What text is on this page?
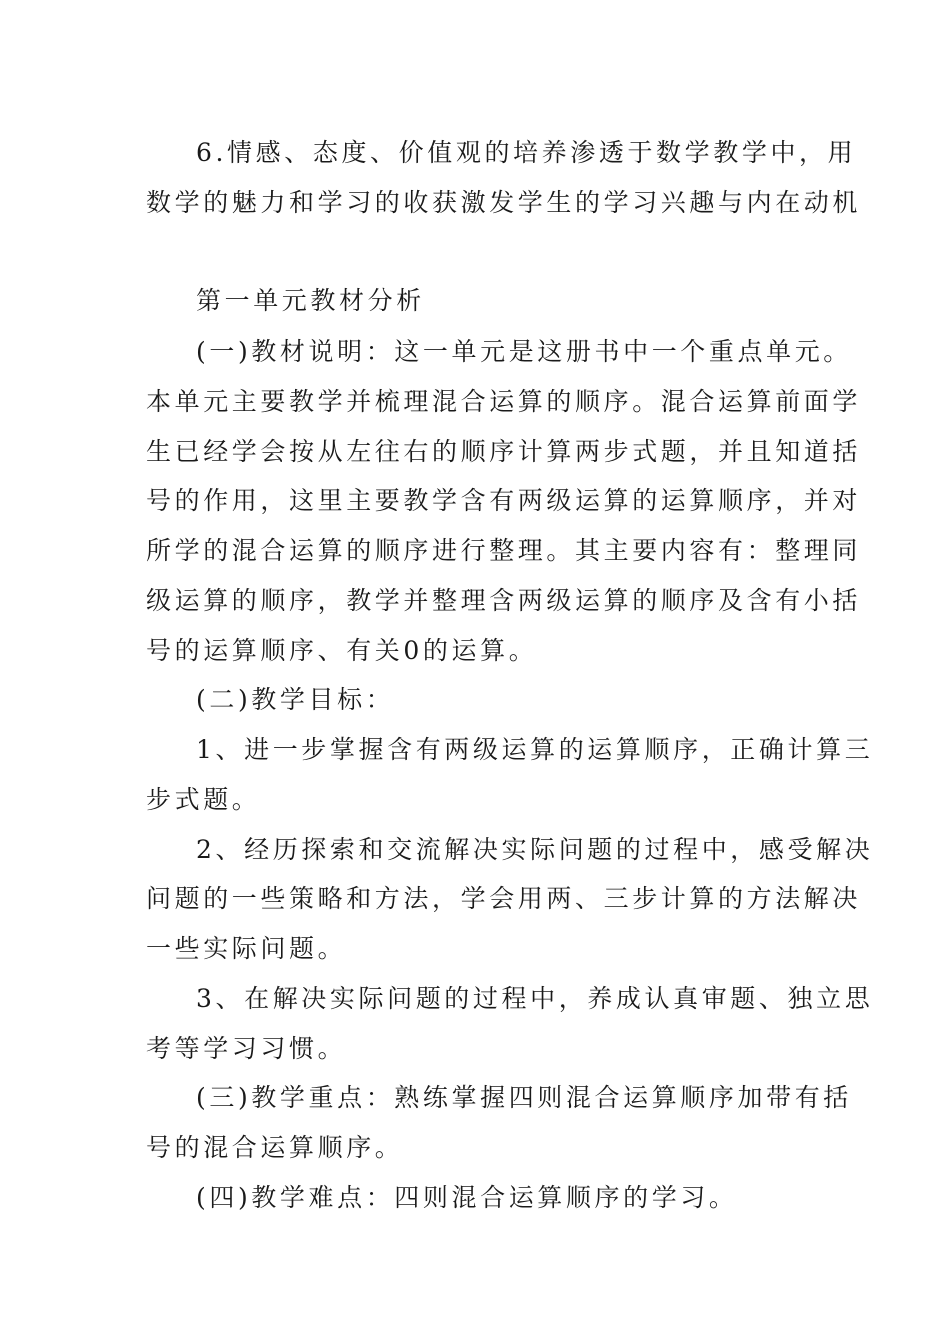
6.情感、态度、价值观的培养渗透于数学教学中，用
数学的魅力和学习的收获激发学生的学习兴趣与内在动机
第一单元教材分析
(一)教材说明：这一单元是这册书中一个重点单元。
本单元主要教学并梳理混合运算的顺序。混合运算前面学
生已经学会按从左往右的顺序计算两步式题，并且知道括
号的作用，这里主要教学含有两级运算的运算顺序，并对
所学的混合运算的顺序进行整理。其主要内容有：整理同
级运算的顺序，教学并整理含两级运算的顺序及含有小括
号的运算顺序、有关0的运算。
(二)教学目标：
1、进一步掌握含有两级运算的运算顺序，正确计算三
步式题。
2、经历探索和交流解决实际问题的过程中，感受解决
问题的一些策略和方法，学会用两、三步计算的方法解决
一些实际问题。
3、在解决实际问题的过程中，养成认真审题、独立思
考等学习习惯。
(三)教学重点：熟练掌握四则混合运算顺序加带有括
号的混合运算顺序。
(四)教学难点：四则混合运算顺序的学习。
